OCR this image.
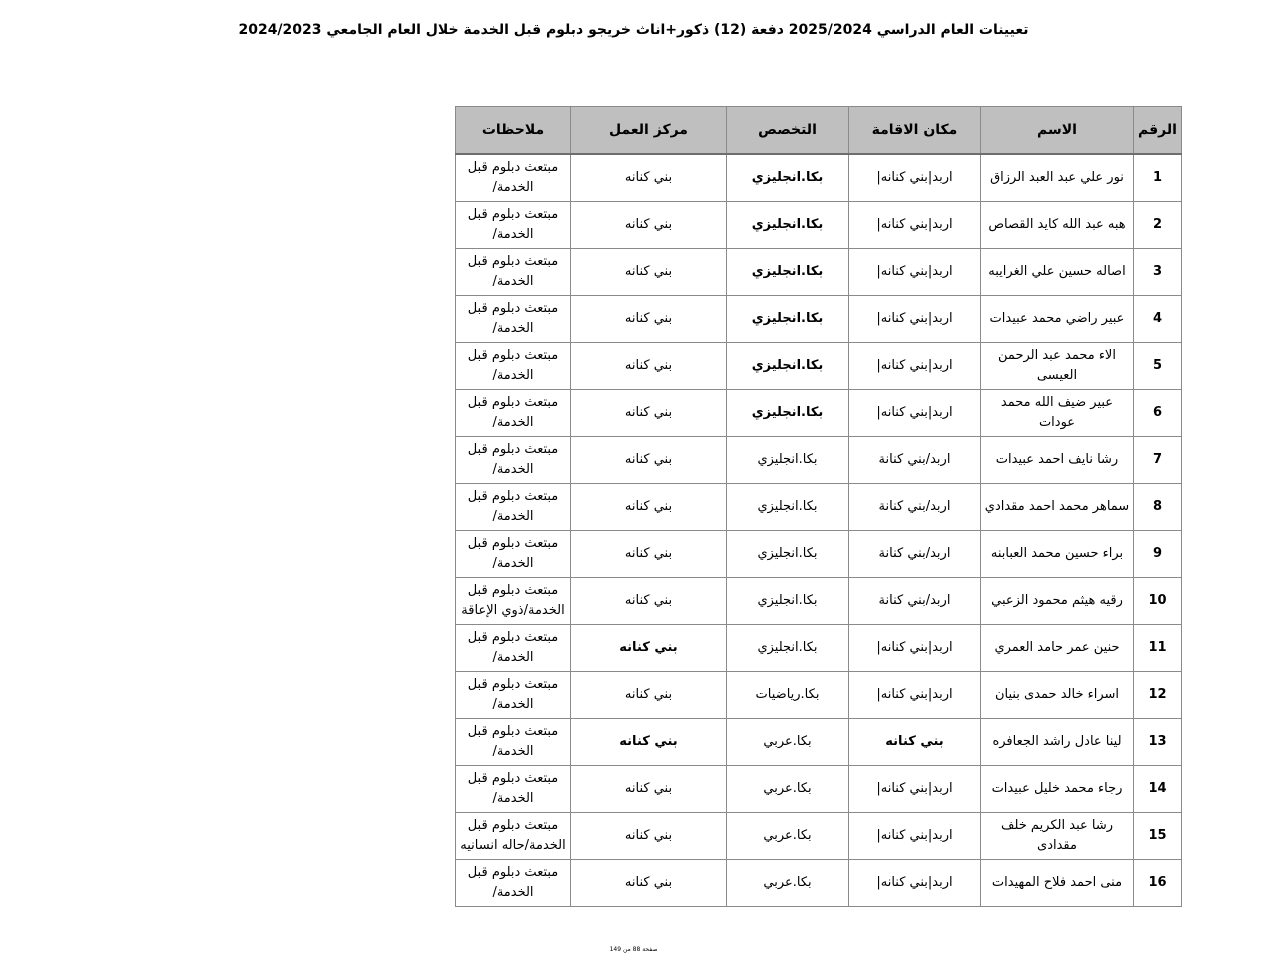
تعيينات العام الدراسي 2025/2024 دفعة (12) ذكور+اناث خريجو دبلوم قبل الخدمة خلال العام الجامعي 2024/2023
الرقم	الاسم	مكان الاقامة	التخصص	مركز العمل	ملاحظات
1	نور علي عبد العبد الرزاق	اربد|بني كنانه|	بكا.انجليزي	بني كنانه	مبتعث دبلوم قبل الخدمة/
2	هبه عبد الله كايد القصاص	اربد|بني كنانه|	بكا.انجليزي	بني كنانه	مبتعث دبلوم قبل الخدمة/
3	اصاله حسين علي الغرايبه	اربد|بني كنانه|	بكا.انجليزي	بني كنانه	مبتعث دبلوم قبل الخدمة/
4	عبير راضي محمد عبيدات	اربد|بني كنانه|	بكا.انجليزي	بني كنانه	مبتعث دبلوم قبل الخدمة/
5	الاء محمد عبد الرحمن العيسى	اربد|بني كنانه|	بكا.انجليزي	بني كنانه	مبتعث دبلوم قبل الخدمة/
6	عبير ضيف الله محمد عودات	اربد|بني كنانه|	بكا.انجليزي	بني كنانه	مبتعث دبلوم قبل الخدمة/
7	رشا نايف احمد عبيدات	اربد/بني كنانة	بكا.انجليزي	بني كنانه	مبتعث دبلوم قبل الخدمة/
8	سماهر محمد احمد مقدادي	اربد/بني كنانة	بكا.انجليزي	بني كنانه	مبتعث دبلوم قبل الخدمة/
9	براء حسين محمد العبابنه	اربد/بني كنانة	بكا.انجليزي	بني كنانه	مبتعث دبلوم قبل الخدمة/
10	رقيه هيثم محمود الزعبي	اربد/بني كنانة	بكا.انجليزي	بني كنانه	مبتعث دبلوم قبل الخدمة/ذوي الإعاقة
11	حنين عمر حامد العمري	اربد|بني كنانه|	بكا.انجليزي	بني كنانه	مبتعث دبلوم قبل الخدمة/
12	اسراء خالد حمدى بنيان	اربد|بني كنانه|	بكا.رياضيات	بني كنانه	مبتعث دبلوم قبل الخدمة/
13	لينا عادل راشد الجعافره	بني كنانه	بكا.عربي	بني كنانه	مبتعث دبلوم قبل الخدمة/
14	رجاء محمد خليل عبيدات	اربد|بني كنانه|	بكا.عربي	بني كنانه	مبتعث دبلوم قبل الخدمة/
15	رشا عبد الكريم خلف مقدادى	اربد|بني كنانه|	بكا.عربي	بني كنانه	مبتعث دبلوم قبل الخدمة/حاله انسانيه
16	منى احمد فلاح المهيدات	اربد|بني كنانه|	بكا.عربي	بني كنانه	مبتعث دبلوم قبل الخدمة/
صفحة 88 من 149
